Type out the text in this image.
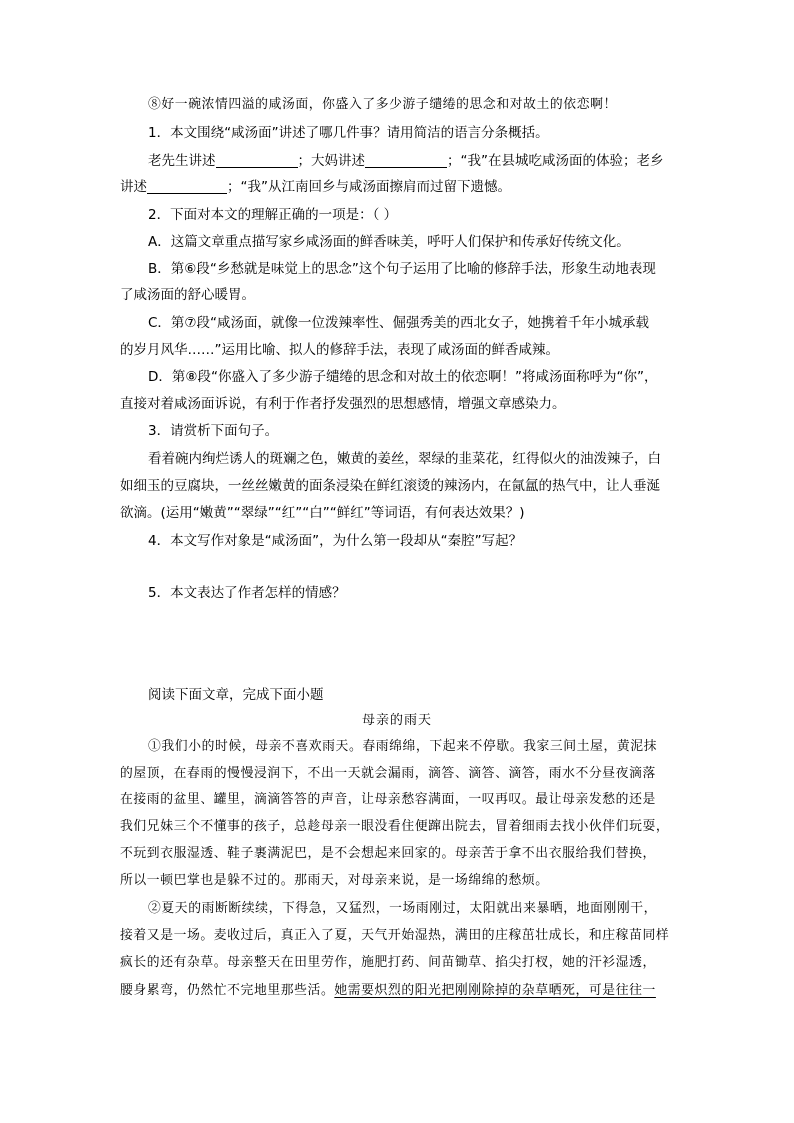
⑧好一碗浓情四溢的咸汤面，你盛入了多少游子缱绻的思念和对故土的依恋啊！
1．本文围绕“咸汤面”讲述了哪几件事？请用简洁的语言分条概括。
老先生讲述	；大妈讲述	；“我”在县城吃咸汤面的体验；老乡
讲述	；“我”从江南回乡与咸汤面擦肩而过留下遗憾。
2．下面对本文的理解正确的一项是：（ ）
A．这篇文章重点描写家乡咸汤面的鲜香味美，呼吁人们保护和传承好传统文化。
B．第⑥段“乡愁就是味觉上的思念”这个句子运用了比喻的修辞手法，形象生动地表现
了咸汤面的舒心暖胃。
C．第⑦段“咸汤面，就像一位泼辣率性、倔强秀美的西北女子，她携着千年小城承载
的岁月风华……”运用比喻、拟人的修辞手法，表现了咸汤面的鲜香咸辣。
D．第⑧段“你盛入了多少游子缱绻的思念和对故土的依恋啊！”将咸汤面称呼为“你”，
直接对着咸汤面诉说，有利于作者抒发强烈的思想感情，增强文章感染力。
3．请赏析下面句子。
看着碗内绚烂诱人的斑斓之色，嫩黄的姜丝，翠绿的韭菜花，红得似火的油泼辣子，白
如细玉的豆腐块，一丝丝嫩黄的面条浸染在鲜红滚烫的辣汤内，在氤氲的热气中，让人垂涎
欲滴。(运用“嫩黄”“翠绿”“红”“白”“鲜红”等词语，有何表达效果？)
4．本文写作对象是“咸汤面”，为什么第一段却从“秦腔”写起？
5．本文表达了作者怎样的情感？
阅读下面文章，完成下面小题
母亲的雨天
①我们小的时候，母亲不喜欢雨天。春雨绵绵，下起来不停歇。我家三间土屋，黄泥抹
的屋顶，在春雨的慢慢浸润下，不出一天就会漏雨，滴答、滴答、滴答，雨水不分昼夜滴落
在接雨的盆里、罐里，滴滴答答的声音，让母亲愁容满面，一叹再叹。最让母亲发愁的还是
我们兄妹三个不懂事的孩子，总趁母亲一眼没看住便蹿出院去，冒着细雨去找小伙伴们玩耍，
不玩到衣服湿透、鞋子裹满泥巴，是不会想起来回家的。母亲苦于拿不出衣服给我们替换，
所以一顿巴掌也是躲不过的。那雨天，对母亲来说，是一场绵绵的愁烦。
②夏天的雨断断续续，下得急，又猛烈，一场雨刚过，太阳就出来暴晒，地面刚刚干，
接着又是一场。麦收过后，真正入了夏，天气开始湿热，满田的庄稼茁壮成长，和庄稼苗同样
疯长的还有杂草。母亲整天在田里劳作，施肥打药、间苗锄草、掐尖打杈，她的汗衫湿透，
腰身累弯，仍然忙不完地里那些活。她需要炽烈的阳光把刚刚除掉的杂草晒死，可是往往一
